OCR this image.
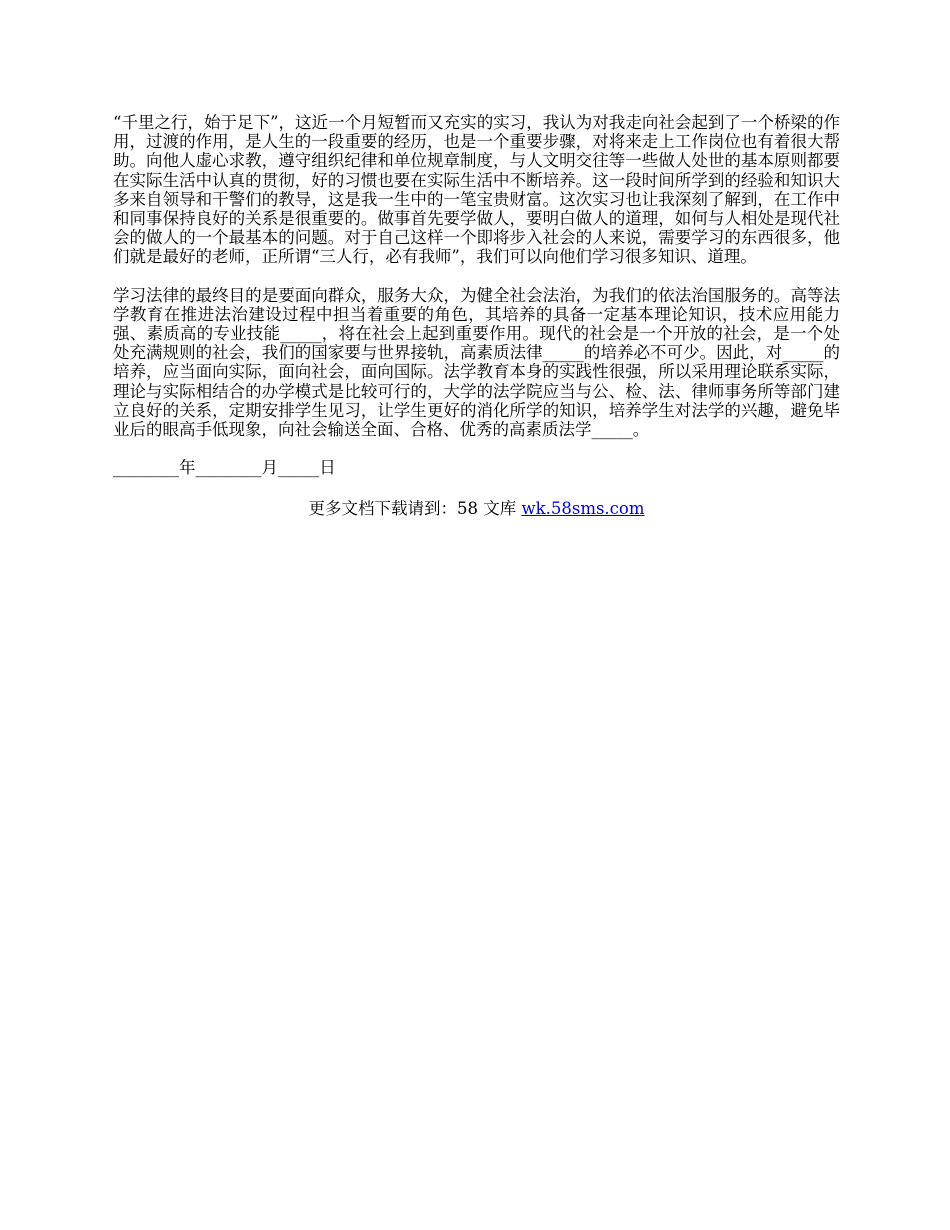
“千里之行，始于足下”，这近一个月短暂而又充实的实习，我认为对我走向社会起到了一个桥梁的作用，过渡的作用，是人生的一段重要的经历，也是一个重要步骤，对将来走上工作岗位也有着很大帮助。向他人虚心求教，遵守组织纪律和单位规章制度，与人文明交往等一些做人处世的基本原则都要在实际生活中认真的贯彻，好的习惯也要在实际生活中不断培养。这一段时间所学到的经验和知识大多来自领导和干警们的教导，这是我一生中的一笔宝贵财富。这次实习也让我深刻了解到，在工作中和同事保持良好的关系是很重要的。做事首先要学做人，要明白做人的道理，如何与人相处是现代社会的做人的一个最基本的问题。对于自己这样一个即将步入社会的人来说，需要学习的东西很多，他们就是最好的老师，正所谓“三人行，必有我师”，我们可以向他们学习很多知识、道理。

学习法律的最终目的是要面向群众，服务大众，为健全社会法治，为我们的依法治国服务的。高等法学教育在推进法治建设过程中担当着重要的角色，其培养的具备一定基本理论知识，技术应用能力强、素质高的专业技能_____，将在社会上起到重要作用。现代的社会是一个开放的社会，是一个处处充满规则的社会，我们的国家要与世界接轨，高素质法律_____的培养必不可少。因此，对_____的培养，应当面向实际，面向社会，面向国际。法学教育本身的实践性很强，所以采用理论联系实际，理论与实际相结合的办学模式是比较可行的，大学的法学院应当与公、检、法、律师事务所等部门建立良好的关系，定期安排学生见习，让学生更好的消化所学的知识，培养学生对法学的兴趣，避免毕业后的眼高手低现象，向社会输送全面、合格、优秀的高素质法学_____。

________年________月_____日
更多文档下载请到：58 文库 wk.58sms.com
